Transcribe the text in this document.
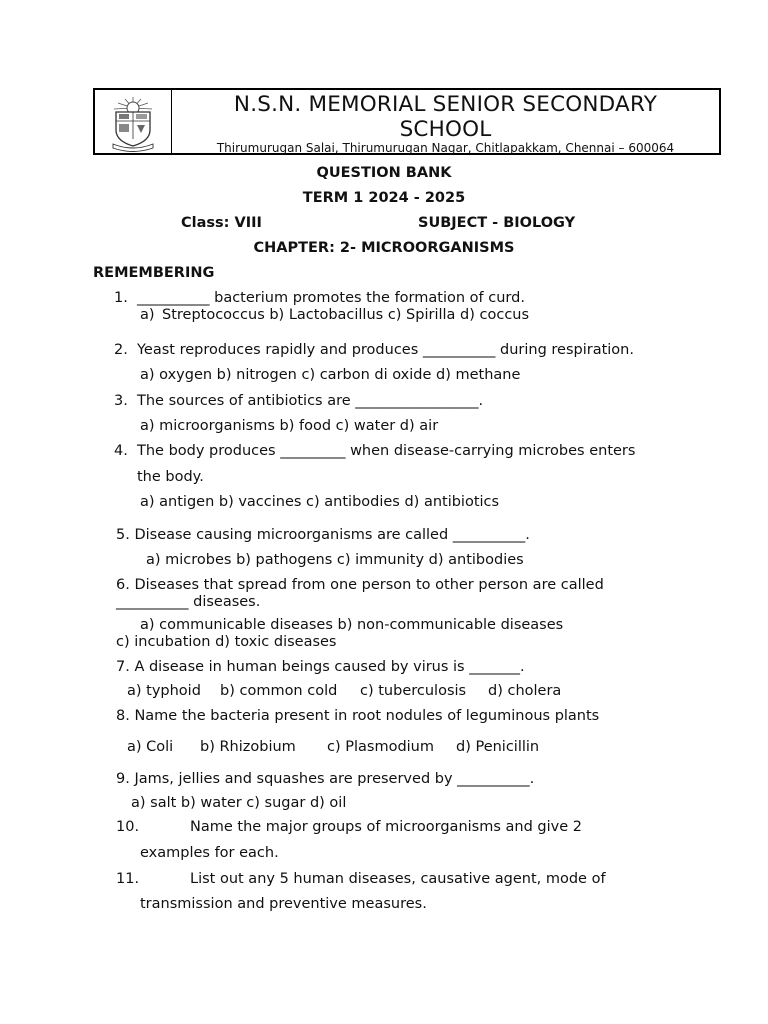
N.S.N. MEMORIAL SENIOR SECONDARY
SCHOOL
Thirumurugan Salai, Thirumurugan Nagar, Chitlapakkam, Chennai – 600064
QUESTION BANK
TERM 1 2024 - 2025
Class: VIII	SUBJECT - BIOLOGY
CHAPTER: 2- MICROORGANISMS
REMEMBERING
1. __________ bacterium promotes the formation of curd.
a) Streptococcus b) Lactobacillus c) Spirilla d) coccus
2. Yeast reproduces rapidly and produces __________ during respiration.
a) oxygen b) nitrogen c) carbon di oxide d) methane
3. The sources of antibiotics are _________________.
a) microorganisms b) food c) water d) air
4. The body produces _________ when disease-carrying microbes enters
the body.
a) antigen b) vaccines c) antibodies d) antibiotics
5. Disease causing microorganisms are called __________.
a) microbes b) pathogens c) immunity d) antibodies
6. Diseases that spread from one person to other person are called
__________ diseases.
a) communicable diseases b) non-communicable diseases
c) incubation d) toxic diseases
7. A disease in human beings caused by virus is _______.
a) typhoid b) common cold c) tuberculosis d) cholera
8. Name the bacteria present in root nodules of leguminous plants
a) Coli b) Rhizobium c) Plasmodium d) Penicillin
9. Jams, jellies and squashes are preserved by __________.
a) salt b) water c) sugar d) oil
10.	Name the major groups of microorganisms and give 2
examples for each.
11.	List out any 5 human diseases, causative agent, mode of
transmission and preventive measures.
